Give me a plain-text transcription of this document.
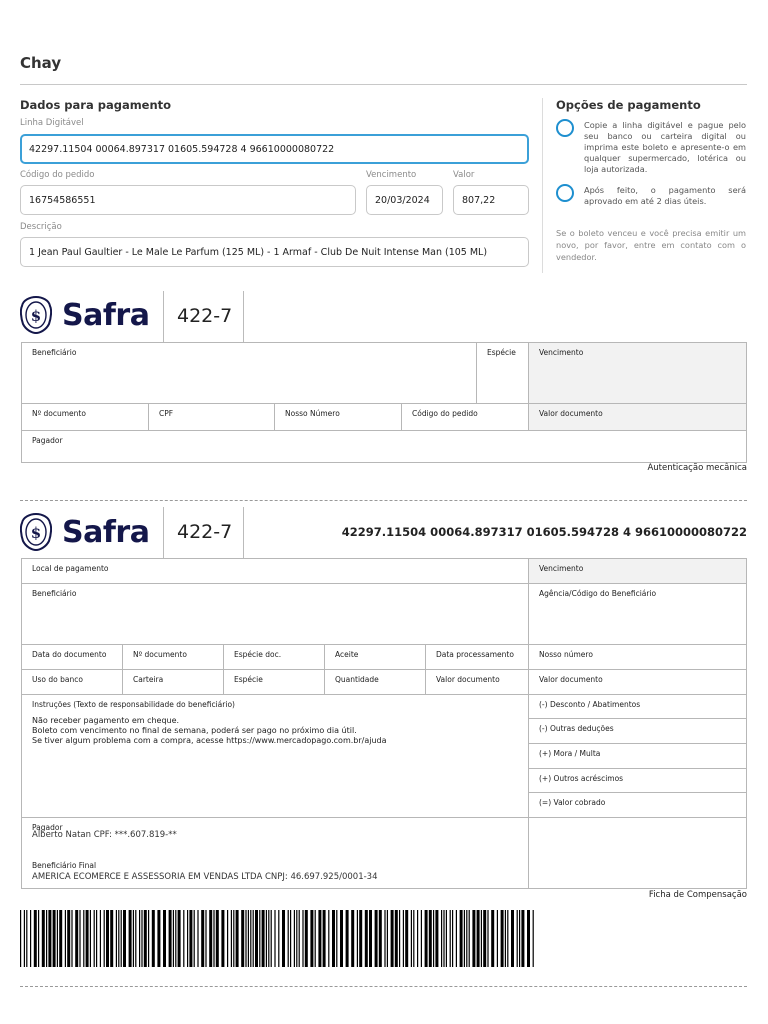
Chay
Dados para pagamento
Linha Digitável
42297.11504 00064.897317 01605.594728 4 96610000080722
Código do pedido
16754586551
Vencimento
20/03/2024
Valor
807,22
Descrição
1 Jean Paul Gaultier - Le Male Le Parfum (125 ML) - 1 Armaf - Club De Nuit Intense Man (105 ML)
Opções de pagamento
Copie a linha digitável e pague pelo seu banco ou carteira digital ou imprima este boleto e apresente-o em qualquer supermercado, lotérica ou loja autorizada.
Após feito, o pagamento será aprovado em até 2 dias úteis.
Se o boleto venceu e você precisa emitir um novo, por favor, entre em contato com o vendedor.
$ Safra 422-7
Beneficiário	Espécie	Vencimento
Nº documento	CPF	Nosso Número	Código do pedido	Valor documento
Pagador
Autenticação mecânica
$ Safra 422-7	42297.11504 00064.897317 01605.594728 4 96610000080722
Local de pagamento	Vencimento
Beneficiário	Agência/Código do Beneficiário
Data do documento	Nº documento	Espécie doc.	Aceite	Data processamento	Nosso número
Uso do banco	Carteira	Espécie	Quantidade	Valor documento	Valor documento
Instruções (Texto de responsabilidade do beneficiário)
Não receber pagamento em cheque.
Boleto com vencimento no final de semana, poderá ser pago no próximo dia útil.
Se tiver algum problema com a compra, acesse https://www.mercadopago.com.br/ajuda
(-) Desconto / Abatimentos
(-) Outras deduções
(+) Mora / Multa
(+) Outros acréscimos
(=) Valor cobrado
Pagador
Alberto Natan CPF: ***.607.819-**
Beneficiário Final
AMERICA ECOMERCE E ASSESSORIA EM VENDAS LTDA CNPJ: 46.697.925/0001-34
Ficha de Compensação
